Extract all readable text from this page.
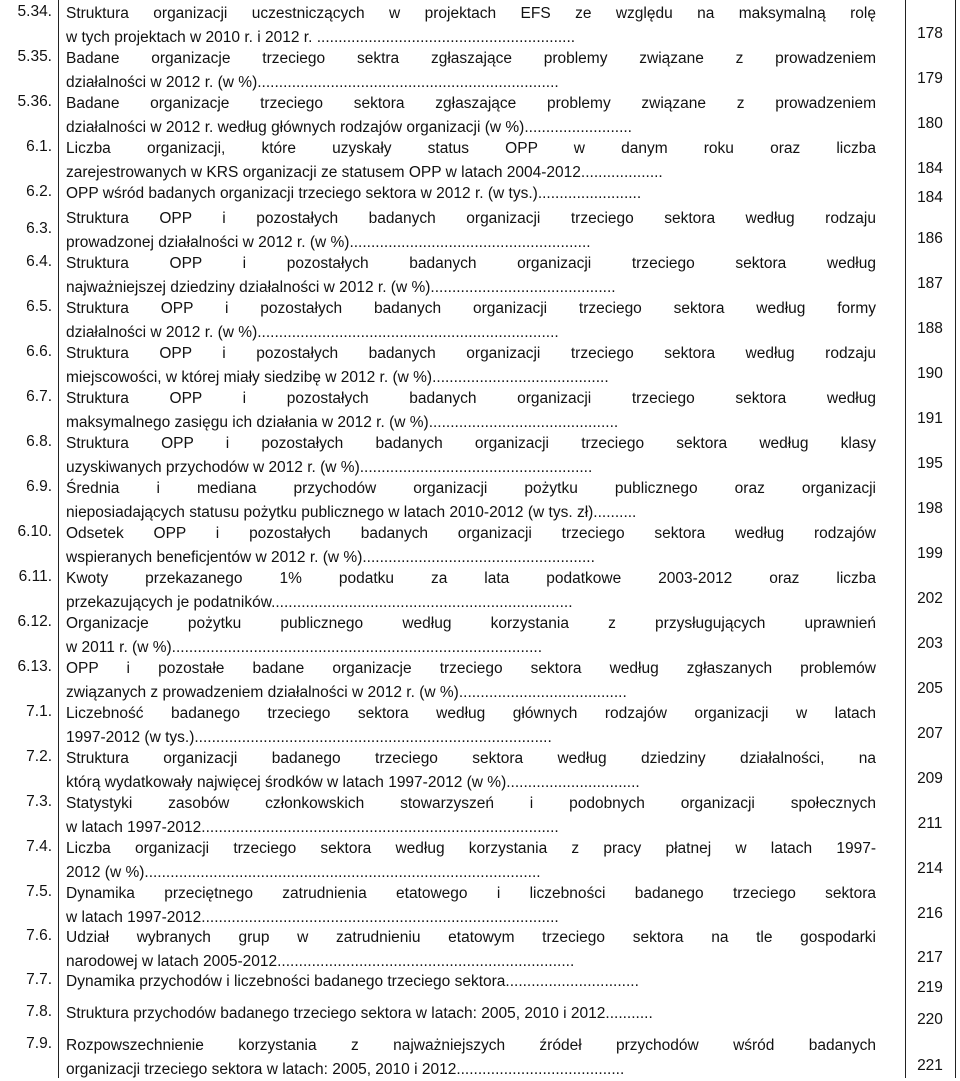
5.34. Struktura organizacji uczestniczących w projektach EFS ze względu na maksymalną rolę
w tych projektach w 2010 r. i 2012 r. ............................................................	178
5.35. Badane organizacje trzeciego sektra zgłaszające problemy związane z prowadzeniem
działalności w 2012 r. (w %)......................................................................	179
5.36. Badane organizacje trzeciego sektora zgłaszające problemy związane z prowadzeniem
działalności w 2012 r. według głównych rodzajów organizacji (w %).........................	180
6.1. Liczba organizacji, które uzyskały status OPP w danym roku oraz liczba
zarejestrowanych w KRS organizacji ze statusem OPP w latach 2004-2012...................	184
6.2. OPP wśród badanych organizacji trzeciego sektora w 2012 r. (w tys.)........................	184
6.3.
Struktura OPP i pozostałych badanych organizacji trzeciego sektora według rodzaju
prowadzonej działalności w 2012 r. (w %)........................................................	186
6.4. Struktura OPP i pozostałych badanych organizacji trzeciego sektora według
najważniejszej dziedziny działalności w 2012 r. (w %)...........................................	187
6.5. Struktura OPP i pozostałych badanych organizacji trzeciego sektora według formy
działalności w 2012 r. (w %)......................................................................	188
6.6. Struktura OPP i pozostałych badanych organizacji trzeciego sektora według rodzaju
miejscowości, w której miały siedzibę w 2012 r. (w %).........................................	190
6.7. Struktura OPP i pozostałych badanych organizacji trzeciego sektora według
maksymalnego zasięgu ich działania w 2012 r. (w %)............................................	191
6.8. Struktura OPP i pozostałych badanych organizacji trzeciego sektora według klasy
uzyskiwanych przychodów w 2012 r. (w %)......................................................	195
6.9. Średnia i mediana przychodów organizacji pożytku publicznego oraz organizacji
nieposiadających statusu pożytku publicznego w latach 2010-2012 (w tys. zł)..........	198
6.10. Odsetek OPP i pozostałych badanych organizacji trzeciego sektora według rodzajów
wspieranych beneficjentów w 2012 r. (w %)......................................................	199
6.11. Kwoty przekazanego 1% podatku za lata podatkowe 2003-2012 oraz liczba
przekazujących je podatników......................................................................	202
6.12. Organizacje pożytku publicznego według korzystania z przysługujących uprawnień
w 2011 r. (w %)......................................................................................	203
6.13. OPP i pozostałe badane organizacje trzeciego sektora według zgłaszanych problemów
związanych z prowadzeniem działalności w 2012 r. (w %).......................................	205
7.1. Liczebność badanego trzeciego sektora według głównych rodzajów organizacji w latach
1997-2012 (w tys.)...................................................................................	207
7.2. Struktura organizacji badanego trzeciego sektora według dziedziny działalności, na
którą wydatkowały najwięcej środków w latach 1997-2012 (w %)...............................	209
7.3. Statystyki zasobów członkowskich stowarzyszeń i podobnych organizacji społecznych
w latach 1997-2012...................................................................................	211
7.4. Liczba organizacji trzeciego sektora według korzystania z pracy płatnej w latach 1997-
2012 (w %)............................................................................................	214
7.5. Dynamika przeciętnego zatrudnienia etatowego i liczebności badanego trzeciego sektora
w latach 1997-2012...................................................................................	216
7.6. Udział wybranych grup w zatrudnieniu etatowym trzeciego sektora na tle gospodarki
narodowej w latach 2005-2012.....................................................................	217
7.7. Dynamika przychodów i liczebności badanego trzeciego sektora...............................	219
7.8. Struktura przychodów badanego trzeciego sektora w latach: 2005, 2010 i 2012...........	220
7.9. Rozpowszechnienie korzystania z najważniejszych źródeł przychodów wśród badanych
organizacji trzeciego sektora w latach: 2005, 2010 i 2012.......................................	221
